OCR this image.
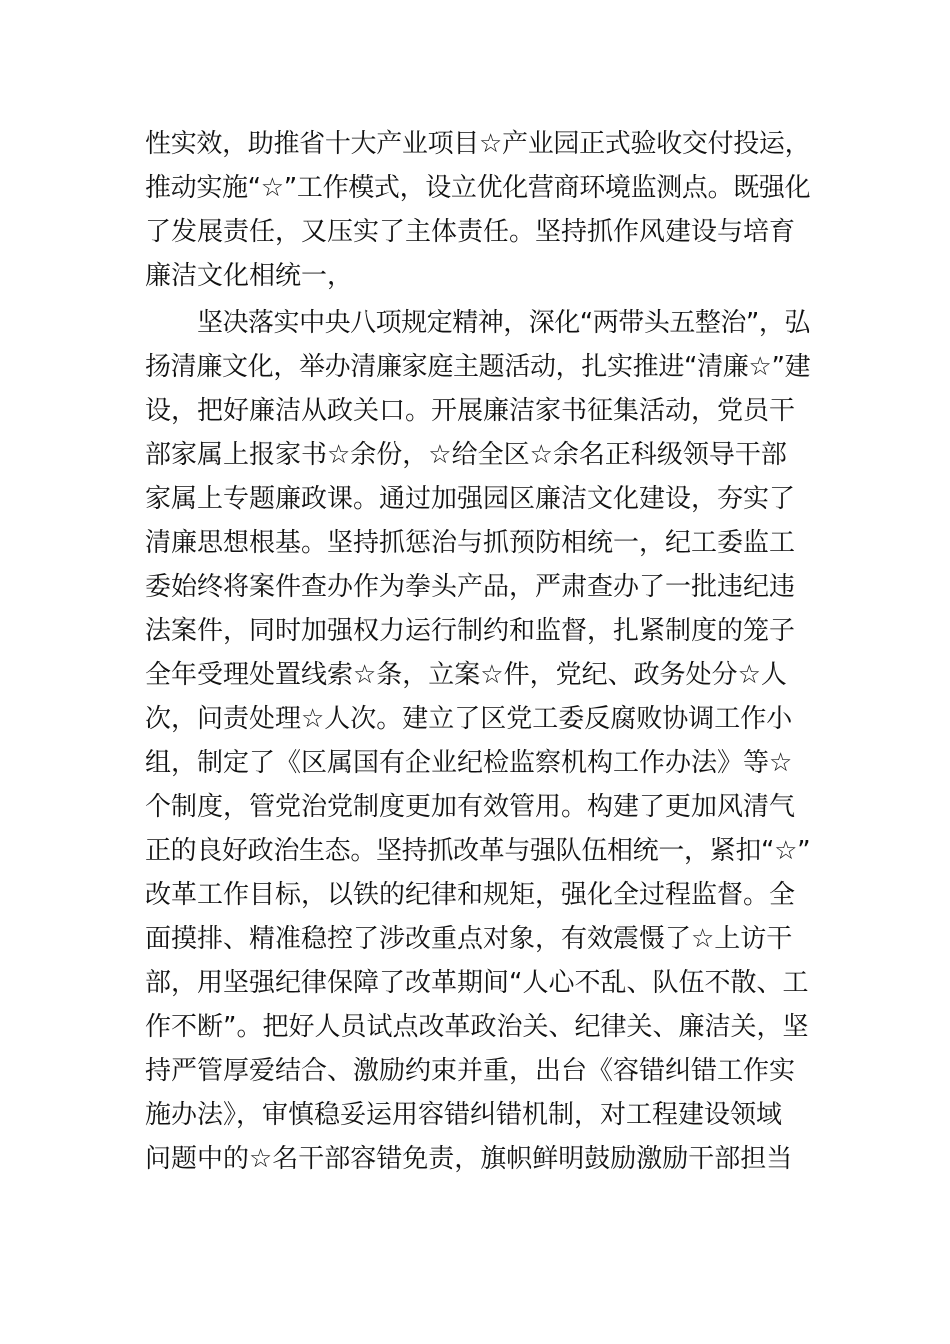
性实效，助推省十大产业项目☆产业园正式验收交付投运，
推动实施“☆”工作模式，设立优化营商环境监测点。既强化
了发展责任，又压实了主体责任。坚持抓作风建设与培育
廉洁文化相统一，
坚决落实中央八项规定精神，深化“两带头五整治”，弘
扬清廉文化，举办清廉家庭主题活动，扎实推进“清廉☆”建
设，把好廉洁从政关口。开展廉洁家书征集活动，党员干
部家属上报家书☆余份，☆给全区☆余名正科级领导干部
家属上专题廉政课。通过加强园区廉洁文化建设，夯实了
清廉思想根基。坚持抓惩治与抓预防相统一，纪工委监工
委始终将案件查办作为拳头产品，严肃查办了一批违纪违
法案件，同时加强权力运行制约和监督，扎紧制度的笼子
全年受理处置线索☆条，立案☆件，党纪、政务处分☆人
次，问责处理☆人次。建立了区党工委反腐败协调工作小
组，制定了《区属国有企业纪检监察机构工作办法》等☆
个制度，管党治党制度更加有效管用。构建了更加风清气
正的良好政治生态。坚持抓改革与强队伍相统一，紧扣“☆”
改革工作目标，以铁的纪律和规矩，强化全过程监督。全
面摸排、精准稳控了涉改重点对象，有效震慑了☆上访干
部，用坚强纪律保障了改革期间“人心不乱、队伍不散、工
作不断”。把好人员试点改革政治关、纪律关、廉洁关，坚
持严管厚爱结合、激励约束并重，出台《容错纠错工作实
施办法》，审慎稳妥运用容错纠错机制，对工程建设领域
问题中的☆名干部容错免责，旗帜鲜明鼓励激励干部担当
